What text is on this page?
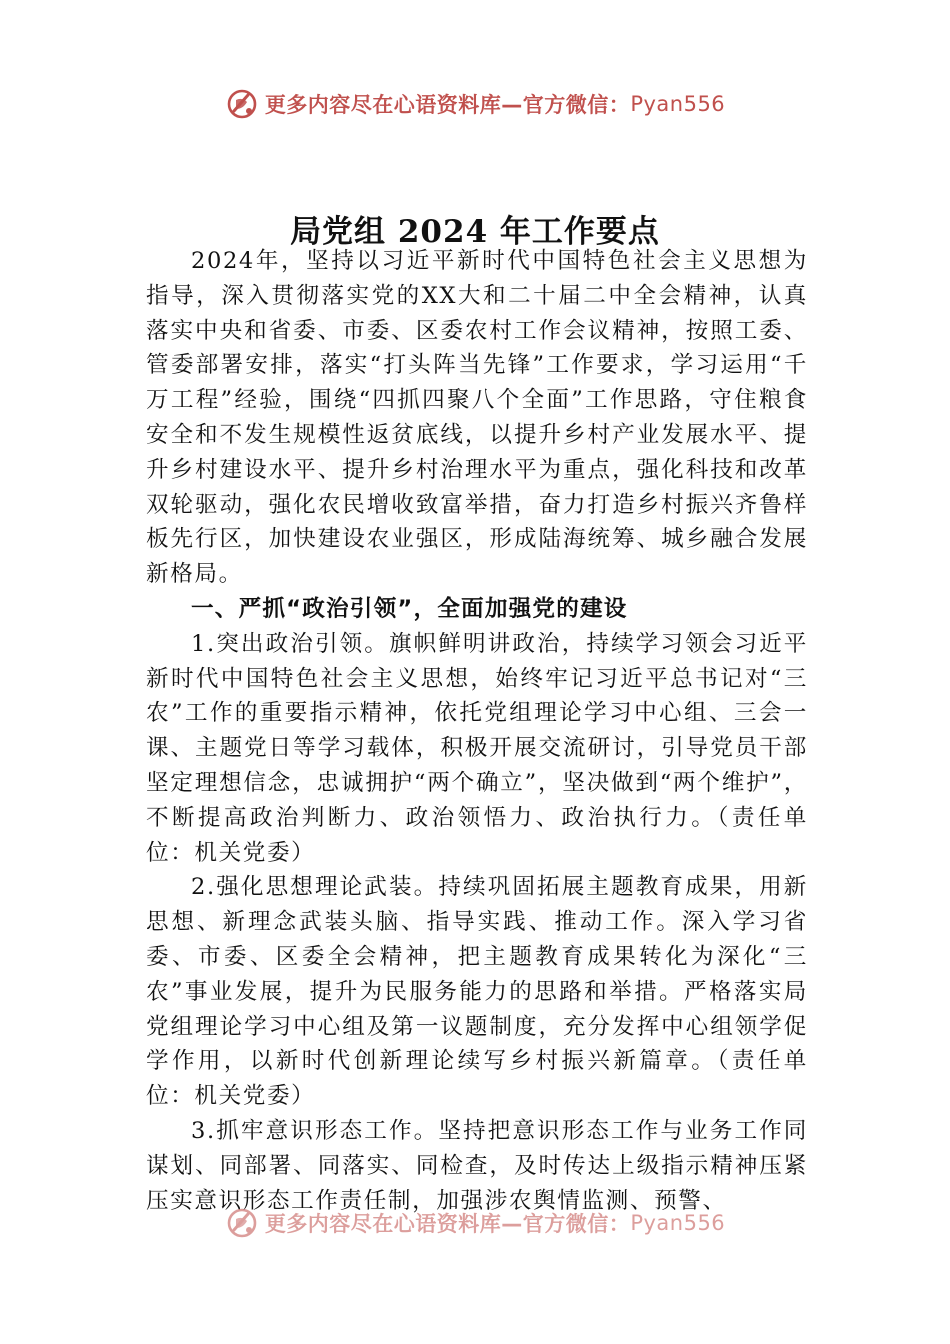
更多内容尽在心语资料库—官方微信： Pyan556
局党组 2024 年工作要点

2024年，坚持以习近平新时代中国特色社会主义思想为指导，深入贯彻落实党的XX大和二十届二中全会精神，认真落实中央和省委、市委、区委农村工作会议精神，按照工委、管委部署安排，落实“打头阵当先锋”工作要求，学习运用“千万工程”经验，围绕“四抓四聚八个全面”工作思路，守住粮食安全和不发生规模性返贫底线，以提升乡村产业发展水平、提升乡村建设水平、提升乡村治理水平为重点，强化科技和改革双轮驱动，强化农民增收致富举措，奋力打造乡村振兴齐鲁样板先行区，加快建设农业强区，形成陆海统筹、城乡融合发展新格局。

一、严抓“政治引领”，全面加强党的建设

1.突出政治引领。旗帜鲜明讲政治，持续学习领会习近平新时代中国特色社会主义思想，始终牢记习近平总书记对“三农”工作的重要指示精神，依托党组理论学习中心组、三会一课、主题党日等学习载体，积极开展交流研讨，引导党员干部坚定理想信念，忠诚拥护“两个确立”，坚决做到“两个维护”，不断提高政治判断力、政治领悟力、政治执行力。（责任单位：机关党委）

2.强化思想理论武装。持续巩固拓展主题教育成果，用新思想、新理念武装头脑、指导实践、推动工作。深入学习省委、市委、区委全会精神，把主题教育成果转化为深化“三农”事业发展，提升为民服务能力的思路和举措。严格落实局党组理论学习中心组及第一议题制度，充分发挥中心组领学促学作用，以新时代创新理论续写乡村振兴新篇章。（责任单位：机关党委）

3.抓牢意识形态工作。坚持把意识形态工作与业务工作同谋划、同部署、同落实、同检查，及时传达上级指示精神压紧压实意识形态工作责任制，加强涉农舆情监测、预警、

更多内容尽在心语资料库—官方微信： Pyan556
